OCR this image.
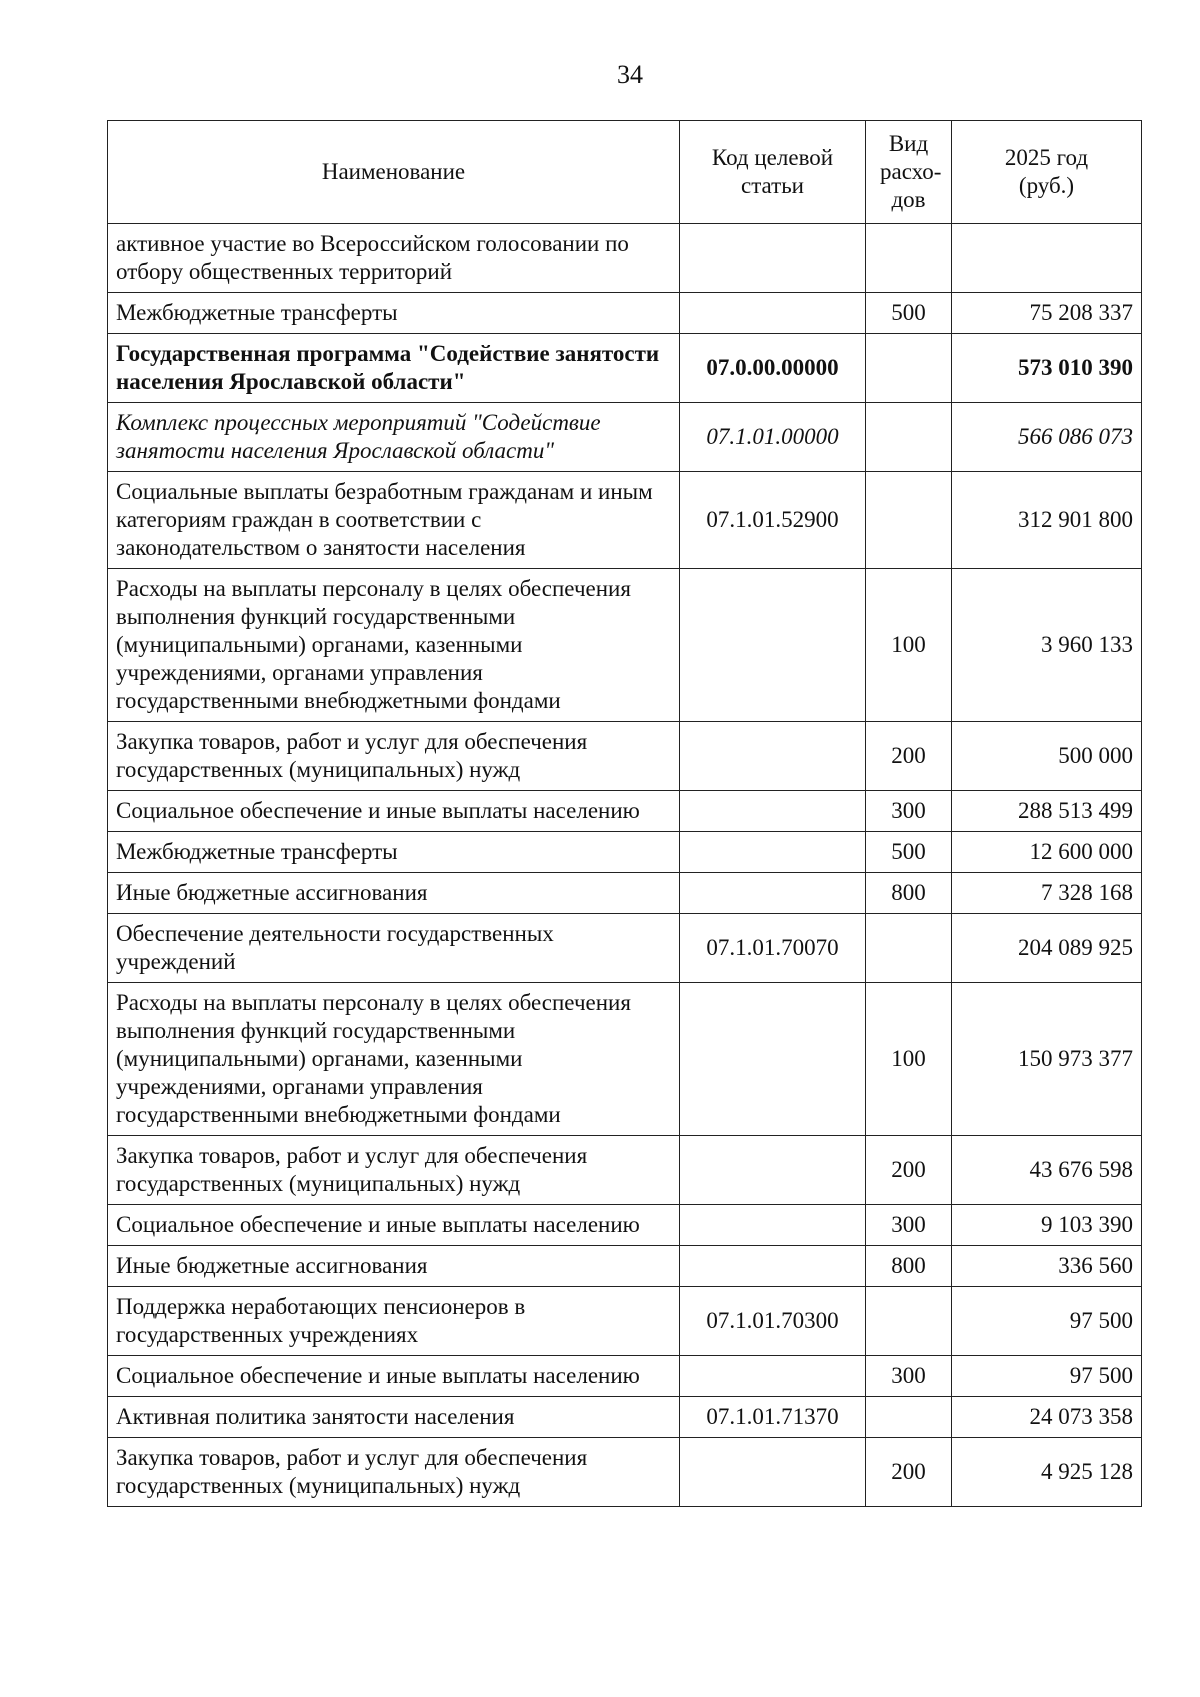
34
Наименование	Код целевой статьи	Вид расхо-дов	2025 год (руб.)
активное участие во Всероссийском голосовании по отбору общественных территорий			
Межбюджетные трансферты		500	75 208 337
Государственная программа "Содействие занятости населения Ярославской области"	07.0.00.00000		573 010 390
Комплекс процессных мероприятий "Содействие занятости населения Ярославской области"	07.1.01.00000		566 086 073
Социальные выплаты безработным гражданам и иным категориям граждан в соответствии с законодательством о занятости населения	07.1.01.52900		312 901 800
Расходы на выплаты персоналу в целях обеспечения выполнения функций государственными (муниципальными) органами, казенными учреждениями, органами управления государственными внебюджетными фондами		100	3 960 133
Закупка товаров, работ и услуг для обеспечения государственных (муниципальных) нужд		200	500 000
Социальное обеспечение и иные выплаты населению		300	288 513 499
Межбюджетные трансферты		500	12 600 000
Иные бюджетные ассигнования		800	7 328 168
Обеспечение деятельности государственных учреждений	07.1.01.70070		204 089 925
Расходы на выплаты персоналу в целях обеспечения выполнения функций государственными (муниципальными) органами, казенными учреждениями, органами управления государственными внебюджетными фондами		100	150 973 377
Закупка товаров, работ и услуг для обеспечения государственных (муниципальных) нужд		200	43 676 598
Социальное обеспечение и иные выплаты населению		300	9 103 390
Иные бюджетные ассигнования		800	336 560
Поддержка неработающих пенсионеров в государственных учреждениях	07.1.01.70300		97 500
Социальное обеспечение и иные выплаты населению		300	97 500
Активная политика занятости населения	07.1.01.71370		24 073 358
Закупка товаров, работ и услуг для обеспечения государственных (муниципальных) нужд		200	4 925 128
